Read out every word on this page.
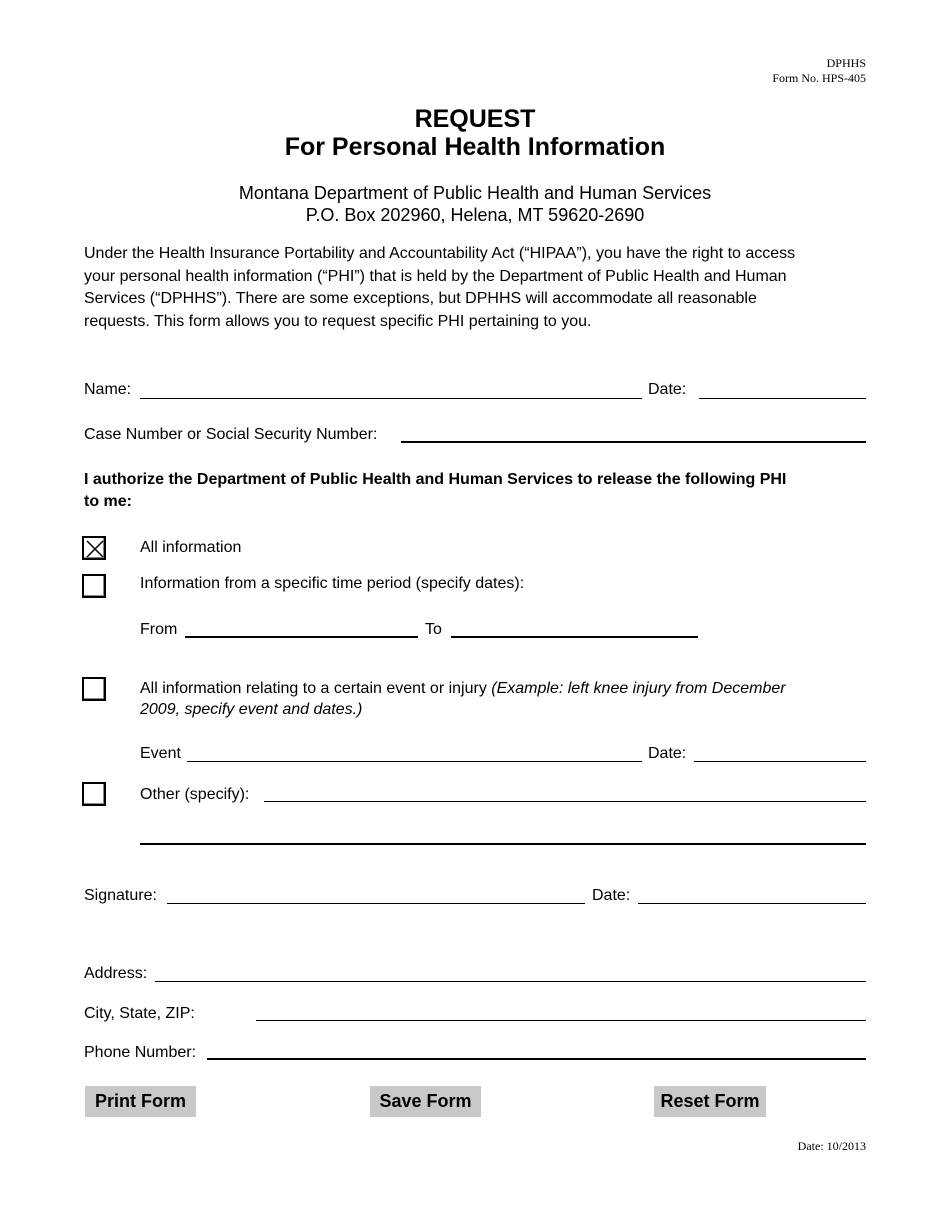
DPHHS
Form No. HPS-405
REQUEST
For Personal Health Information
Montana Department of Public Health and Human Services
P.O. Box 202960, Helena, MT 59620-2690
Under the Health Insurance Portability and Accountability Act (“HIPAA”), you have the right to access
your personal health information (“PHI”) that is held by the Department of Public Health and Human
Services (“DPHHS”). There are some exceptions, but DPHHS will accommodate all reasonable
requests. This form allows you to request specific PHI pertaining to you.
Name:	Date:
Case Number or Social Security Number:
I authorize the Department of Public Health and Human Services to release the following PHI
to me:
All information
Information from a specific time period (specify dates):
From	To
All information relating to a certain event or injury (Example: left knee injury from December
2009, specify event and dates.)
Event	Date:
Other (specify):
Signature:	Date:
Address:
City, State, ZIP:
Phone Number:
Print Form	Save Form	Reset Form
Date: 10/2013
